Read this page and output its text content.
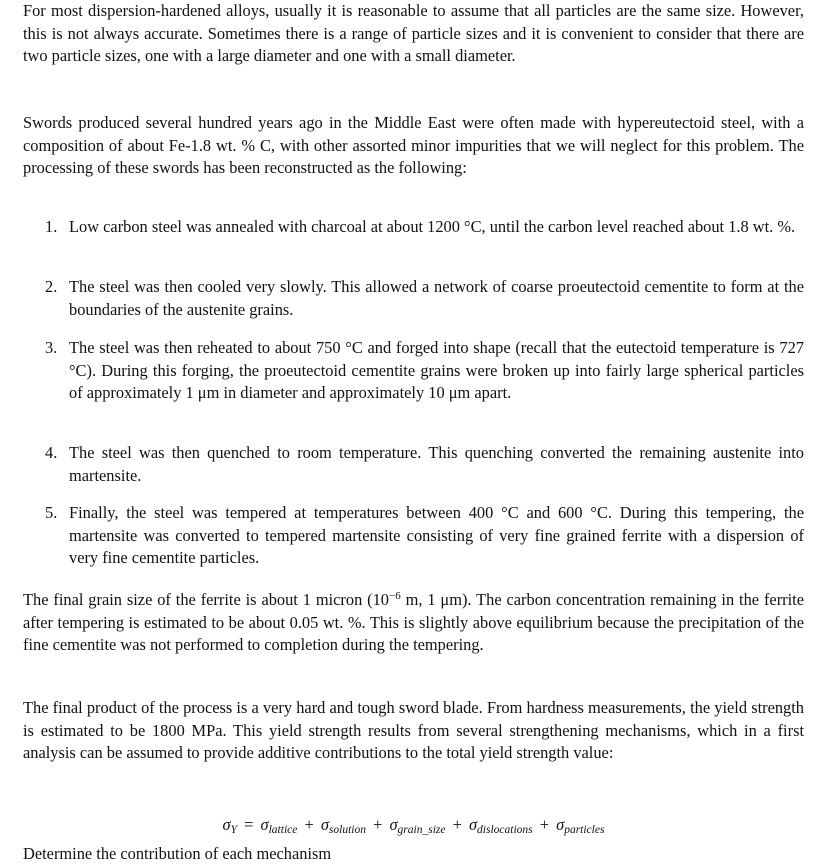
For most dispersion-hardened alloys, usually it is reasonable to assume that all particles are the same size. However, this is not always accurate. Sometimes there is a range of particle sizes and it is convenient to consider that there are two particle sizes, one with a large diameter and one with a small diameter.

Swords produced several hundred years ago in the Middle East were often made with hypereutectoid steel, with a composition of about Fe-1.8 wt. % C, with other assorted minor impurities that we will neglect for this problem. The processing of these swords has been reconstructed as the following:

1. Low carbon steel was annealed with charcoal at about 1200 °C, until the carbon level reached about 1.8 wt. %.
2. The steel was then cooled very slowly. This allowed a network of coarse proeutectoid cementite to form at the boundaries of the austenite grains.
3. The steel was then reheated to about 750 °C and forged into shape (recall that the eutectoid temperature is 727 °C). During this forging, the proeutectoid cementite grains were broken up into fairly large spherical particles of approximately 1 μm in diameter and approximately 10 μm apart.
4. The steel was then quenched to room temperature. This quenching converted the remaining austenite into martensite.
5. Finally, the steel was tempered at temperatures between 400 °C and 600 °C. During this tempering, the martensite was converted to tempered martensite consisting of very fine grained ferrite with a dispersion of very fine cementite particles.

The final grain size of the ferrite is about 1 micron ($10^{-6}$ m, 1 μm). The carbon concentration remaining in the ferrite after tempering is estimated to be about 0.05 wt. %. This is slightly above equilibrium because the precipitation of the fine cementite was not performed to completion during the tempering.

The final product of the process is a very hard and tough sword blade. From hardness measurements, the yield strength is estimated to be 1800 MPa. This yield strength results from several strengthening mechanisms, which in a first analysis can be assumed to provide additive contributions to the total yield strength value:

$\sigma_Y = \sigma_{lattice} + \sigma_{solution} + \sigma_{grain\_size} + \sigma_{dislocations} + \sigma_{particles}$
Determine the contribution of each mechanism
